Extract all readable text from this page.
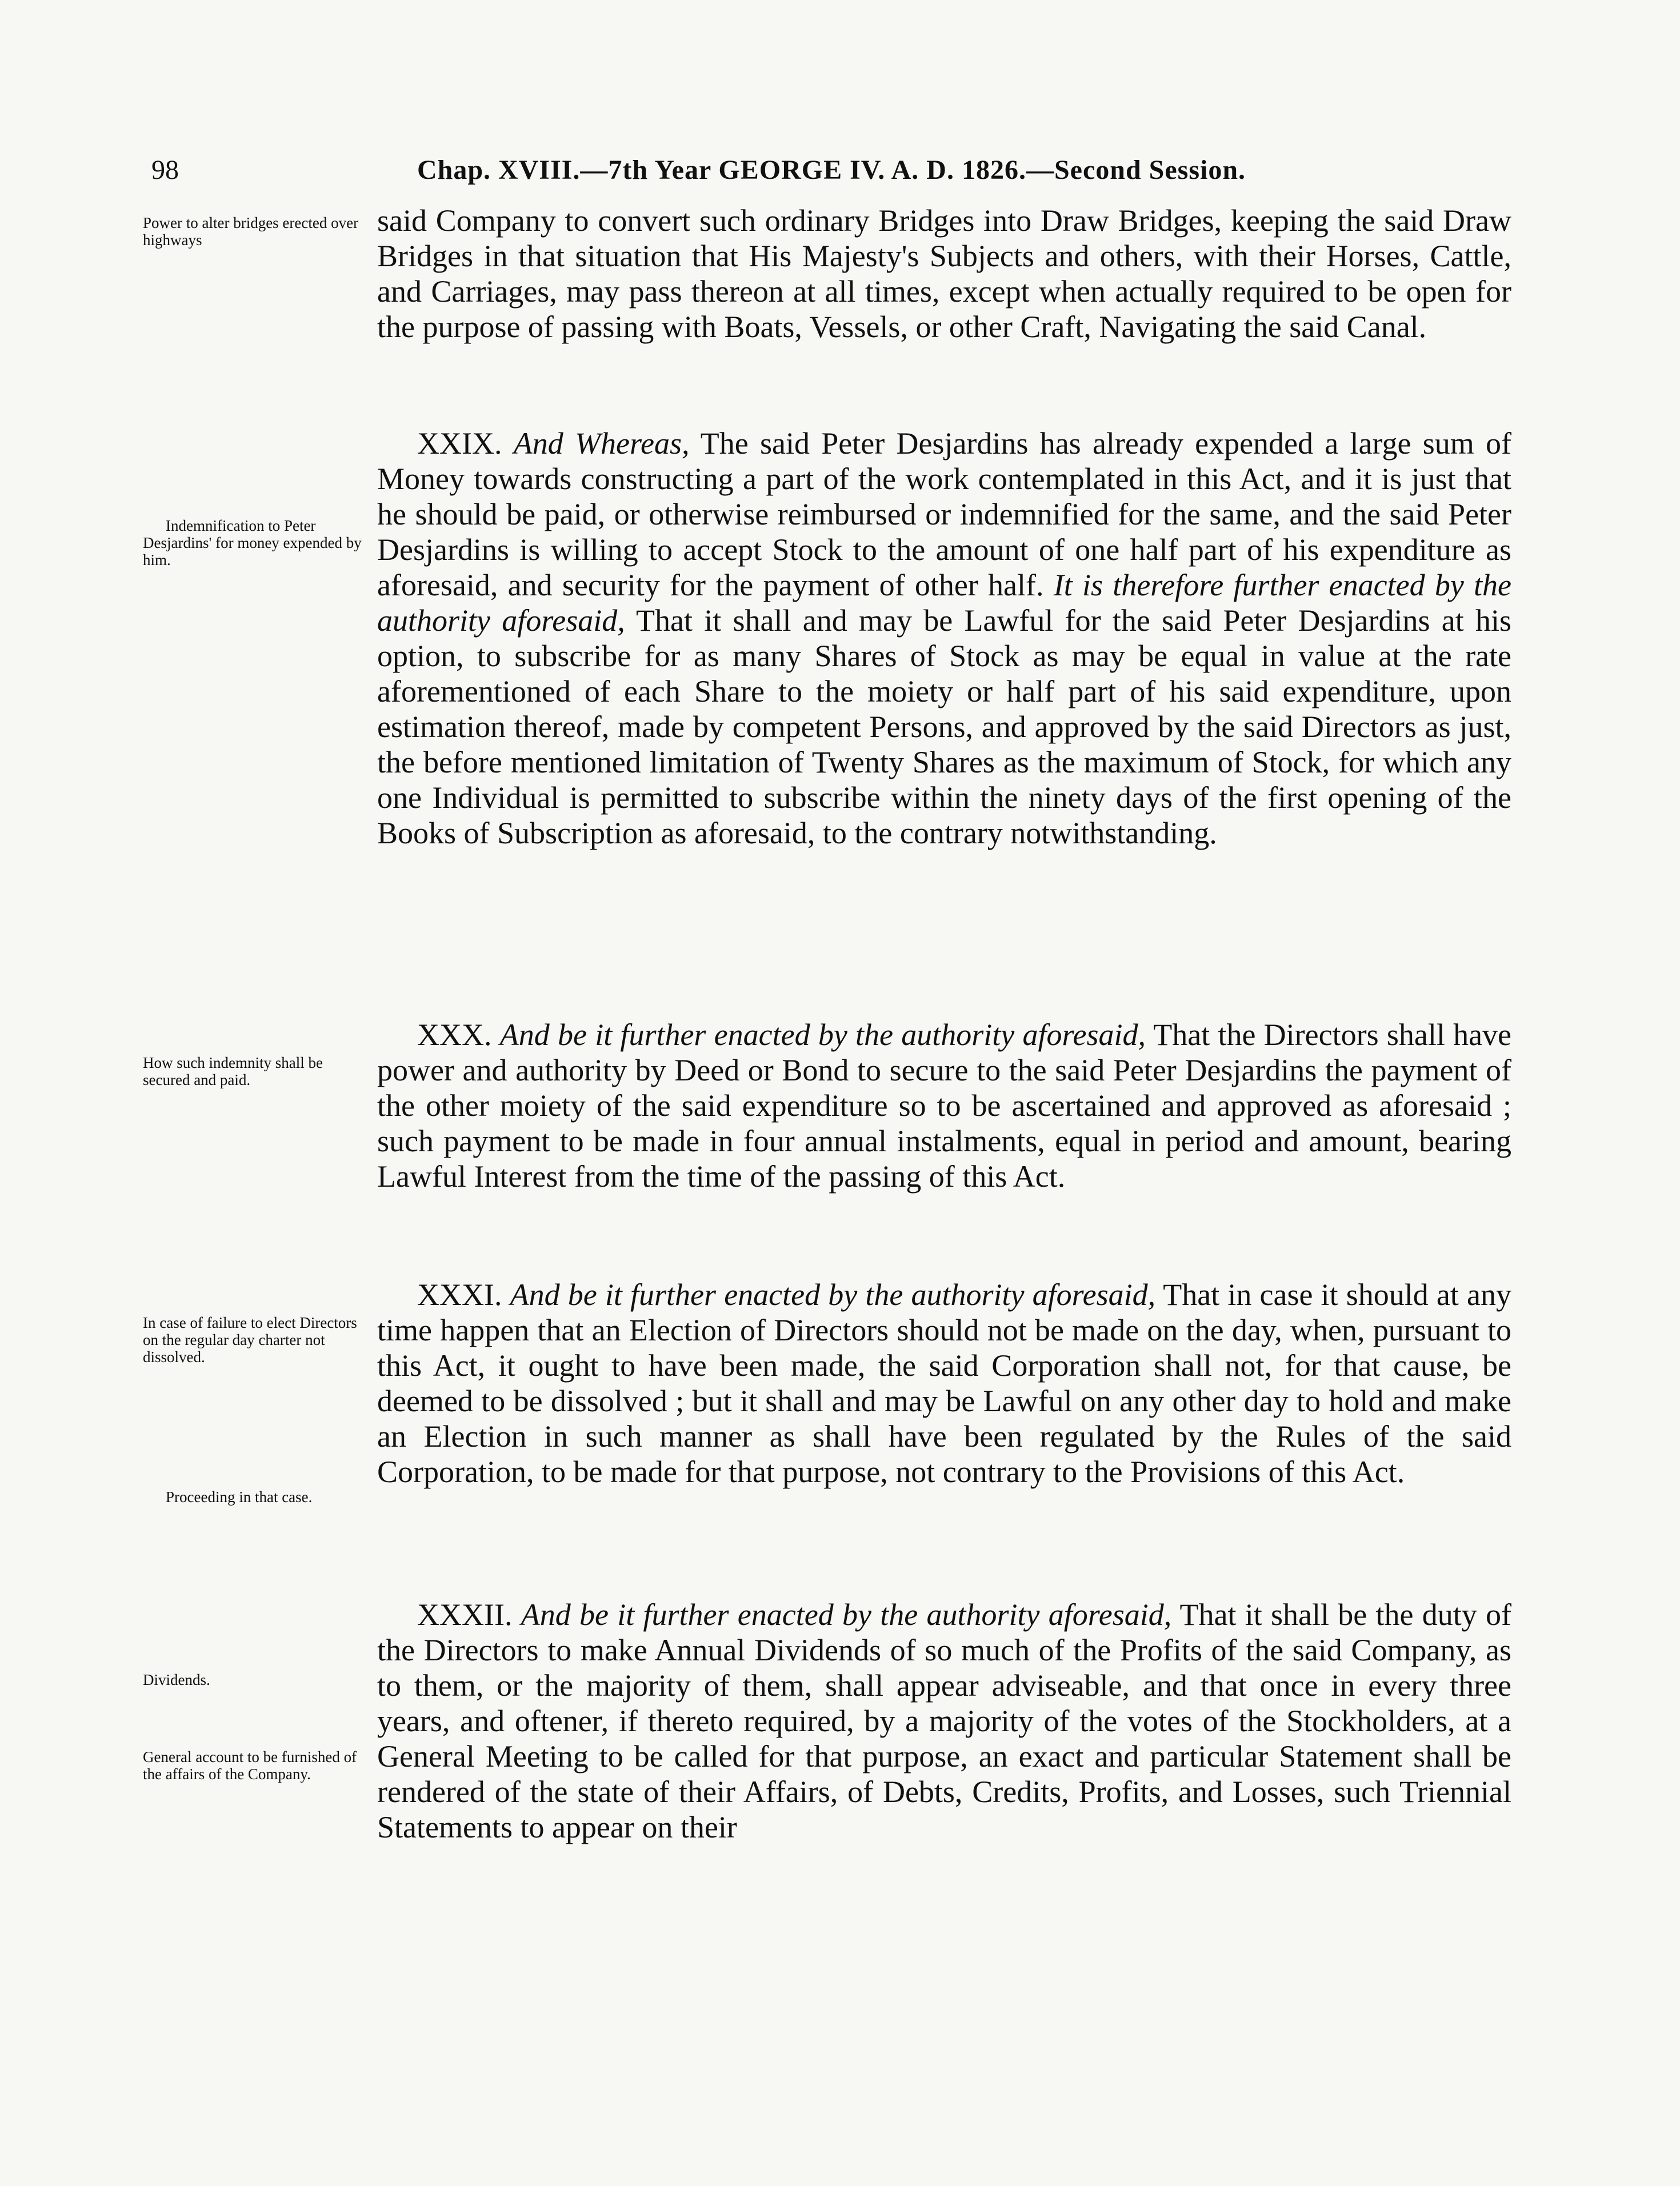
98	Chap. XVIII.—7th Year GEORGE IV. A. D. 1826.—Second Session.
Power to alter bridges erected over highways
Indemnification to Peter Desjardins' for money expended by him.
How such indemnity shall be secured and paid.
In case of failure to elect Directors on the regular day charter not dissolved.
Proceeding in that case.
Dividends.
General account to be furnished of the affairs of the Company.
said Company to convert such ordinary Bridges into Draw Bridges, keeping the said Draw Bridges in that situation that His Majesty's Subjects and others, with their Horses, Cattle, and Carriages, may pass thereon at all times, except when actually required to be open for the purpose of passing with Boats, Vessels, or other Craft, Navigating the said Canal.
XXIX. And Whereas, The said Peter Desjardins has already expended a large sum of Money towards constructing a part of the work contemplated in this Act, and it is just that he should be paid, or otherwise reimbursed or indemnified for the same, and the said Peter Desjardins is willing to accept Stock to the amount of one half part of his expenditure as aforesaid, and security for the payment of other half. It is therefore further enacted by the authority aforesaid, That it shall and may be Lawful for the said Peter Desjardins at his option, to subscribe for as many Shares of Stock as may be equal in value at the rate aforementioned of each Share to the moiety or half part of his said expenditure, upon estimation thereof, made by competent Persons, and approved by the said Directors as just, the before mentioned limitation of Twenty Shares as the maximum of Stock, for which any one Individual is permitted to subscribe within the ninety days of the first opening of the Books of Subscription as aforesaid, to the contrary notwithstanding.
XXX. And be it further enacted by the authority aforesaid, That the Directors shall have power and authority by Deed or Bond to secure to the said Peter Desjardins the payment of the other moiety of the said expenditure so to be ascertained and approved as aforesaid ; such payment to be made in four annual instalments, equal in period and amount, bearing Lawful Interest from the time of the passing of this Act.
XXXI. And be it further enacted by the authority aforesaid, That in case it should at any time happen that an Election of Directors should not be made on the day, when, pursuant to this Act, it ought to have been made, the said Corporation shall not, for that cause, be deemed to be dissolved ; but it shall and may be Lawful on any other day to hold and make an Election in such manner as shall have been regulated by the Rules of the said Corporation, to be made for that purpose, not contrary to the Provisions of this Act.
XXXII. And be it further enacted by the authority aforesaid, That it shall be the duty of the Directors to make Annual Dividends of so much of the Profits of the said Company, as to them, or the majority of them, shall appear adviseable, and that once in every three years, and oftener, if thereto required, by a majority of the votes of the Stockholders, at a General Meeting to be called for that purpose, an exact and particular Statement shall be rendered of the state of their Affairs, of Debts, Credits, Profits, and Losses, such Triennial Statements to appear on their
